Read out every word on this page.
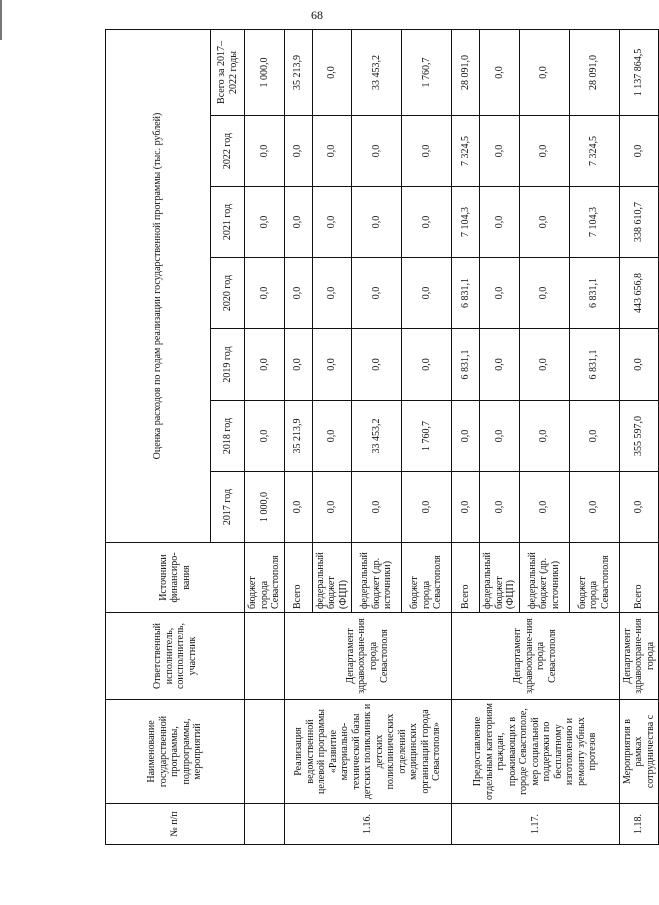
68
№ п/п	Наименование государственной программы, подпрограммы, мероприятий	Ответственный исполнитель, соисполнитель, участник	Источники финансиро-вания	Оценка расходов по годам реализации государственной программы (тыс. рублей)						
				2017 год	2018 год	2019 год	2020 год	2021 год	2022 год	Всего за 2017–2022 годы
			бюджет города Севастополя	1 000,0	0,0	0,0	0,0	0,0	0,0	1 000,0
1.16.	Реализация ведомственной целевой программы «Развитие материально-технической базы детских поликлиник и детских поликлинических отделений медицинских организаций города Севастополя»	Департамент здравоохране-ния города Севастополя	Всего	0,0	35 213,9	0,0	0,0	0,0	0,0	35 213,9
			федеральный бюджет (ФЦП)	0,0	0,0	0,0	0,0	0,0	0,0	0,0
			федеральный бюджет (др. источники)	0,0	33 453,2	0,0	0,0	0,0	0,0	33 453,2
			бюджет города Севастополя	0,0	1 760,7	0,0	0,0	0,0	0,0	1 760,7
1.17.	Предоставление отдельным категориям граждан, проживающих в городе Севастополе, мер социальной поддержки по бесплатному изготовлению и ремонту зубных протезов	Департамент здравоохране-ния города Севастополя	Всего	0,0	0,0	6 831,1	6 831,1	7 104,3	7 324,5	28 091,0
			федеральный бюджет (ФЦП)	0,0	0,0	0,0	0,0	0,0	0,0	0,0
			федеральный бюджет (др. источники)	0,0	0,0	0,0	0,0	0,0	0,0	0,0
			бюджет города Севастополя	0,0	0,0	6 831,1	6 831,1	7 104,3	7 324,5	28 091,0
1.18.	Мероприятия в рамках сотрудничества с	Департамент здравоохране-ния города	Всего	0,0	355 597,0	0,0	443 656,8	338 610,7	0,0	1 137 864,5
